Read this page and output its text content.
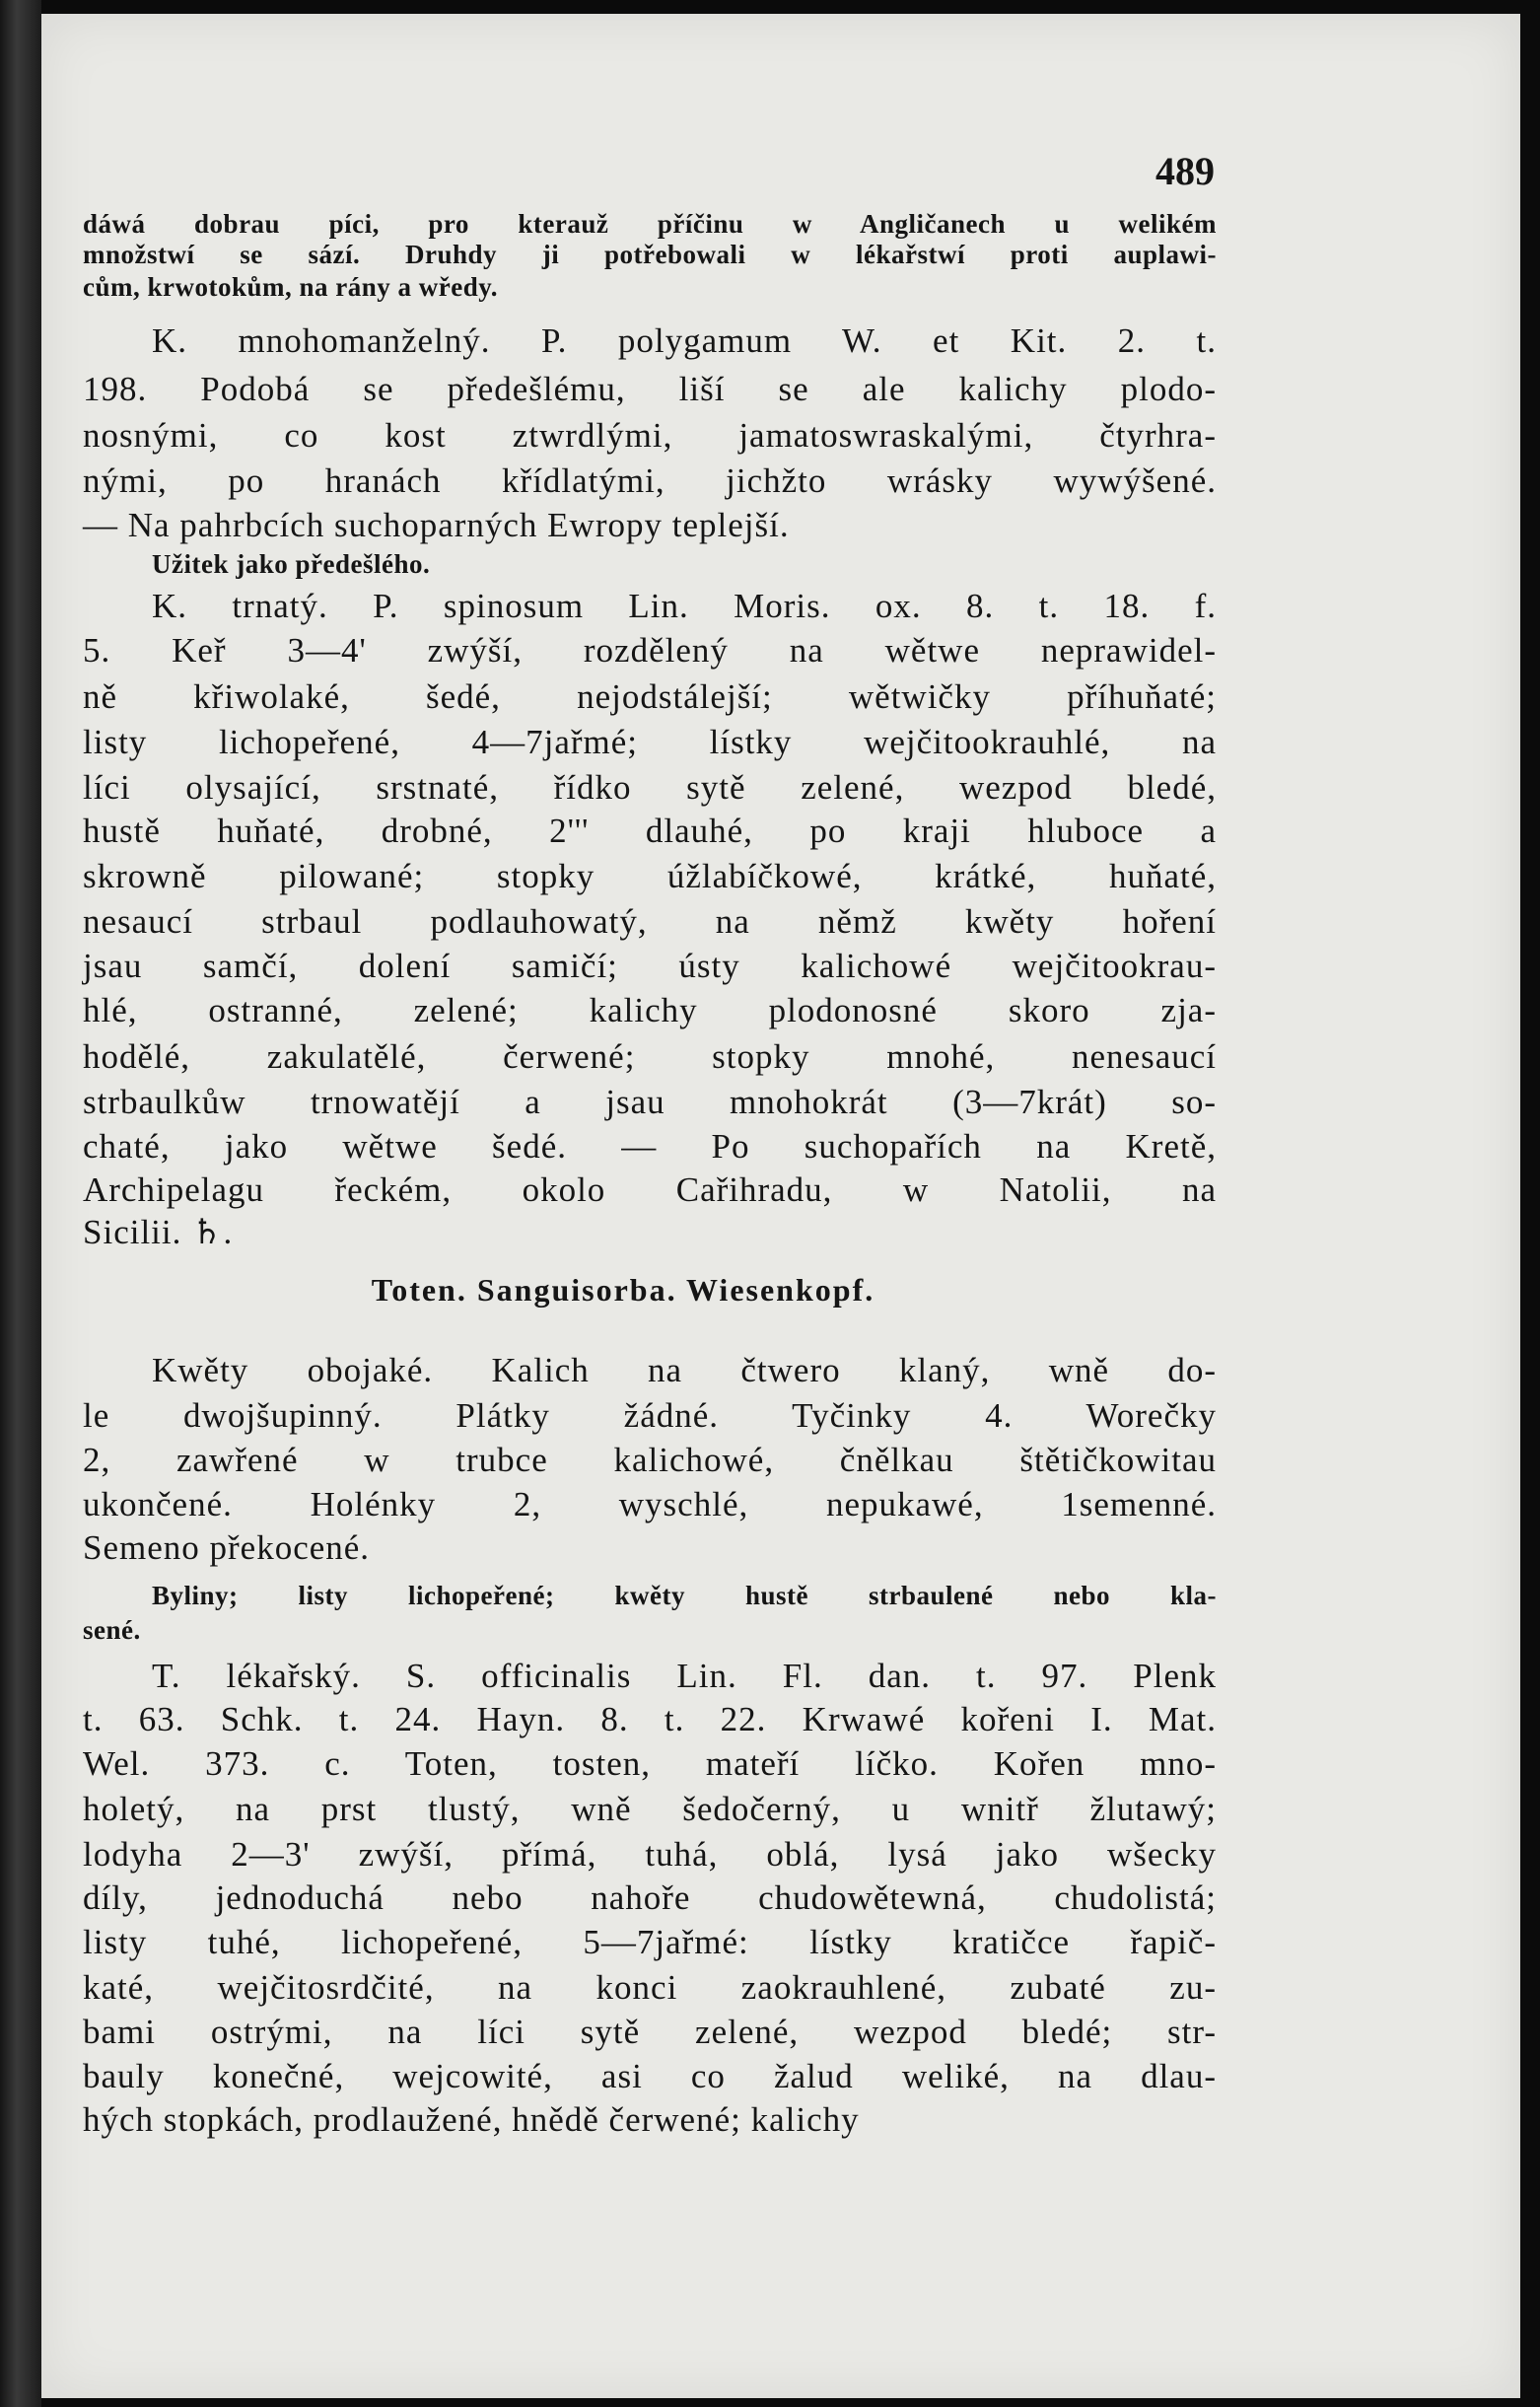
489
dáwá dobrau píci, pro kterauž příčinu w Angličanech u welikém
množstwí se sází. Druhdy ji potřebowali w lékařstwí proti auplawi-
cům, krwotokům, na rány a wředy.
K. mnohomanželný. P. polygamum W. et Kit. 2. t.
198. Podobá se předešlému, liší se ale kalichy plodo-
nosnými, co kost ztwrdlými, jamatoswraskalými, čtyrhra-
nými, po hranách křídlatými, jichžto wrásky wywýšené.
— Na pahrbcích suchoparných Ewropy teplejší.
Užitek jako předešlého.
K. trnatý. P. spinosum Lin. Moris. ox. 8. t. 18. f.
5. Keř 3—4' zwýší, rozdělený na wětwe neprawidel-
ně křiwolaké, šedé, nejodstálejší; wětwičky příhuňaté;
listy lichopeřené, 4—7jařmé; lístky wejčitookrauhlé, na
líci olysající, srstnaté, řídko sytě zelené, wezpod bledé,
hustě huňaté, drobné, 2''' dlauhé, po kraji hluboce a
skrowně pilowané; stopky úžlabíčkowé, krátké, huňaté,
nesaucí strbaul podlauhowatý, na němž kwěty hoření
jsau samčí, dolení samičí; ústy kalichowé wejčitookrau-
hlé, ostranné, zelené; kalichy plodonosné skoro zja-
hodělé, zakulatělé, čerwené; stopky mnohé, nenesaucí
strbaulkůw trnowatějí a jsau mnohokrát (3—7krát) so-
chaté, jako wětwe šedé. — Po suchopařích na Kretě,
Archipelagu řeckém, okolo Cařihradu, w Natolii, na
Sicilii. ♄.
Toten. Sanguisorba. Wiesenkopf.
Kwěty obojaké. Kalich na čtwero klaný, wně do-
le dwojšupinný. Plátky žádné. Tyčinky 4. Worečky
2, zawřené w trubce kalichowé, čnělkau štětičkowitau
ukončené. Holénky 2, wyschlé, nepukawé, 1semenné.
Semeno překocené.
Byliny; listy lichopeřené; kwěty hustě strbaulené nebo kla-
sené.
T. lékařský. S. officinalis Lin. Fl. dan. t. 97. Plenk
t. 63. Schk. t. 24. Hayn. 8. t. 22. Krwawé kořeni I. Mat.
Wel. 373. c. Toten, tosten, mateří líčko. Kořen mno-
holetý, na prst tlustý, wně šedočerný, u wnitř žlutawý;
lodyha 2—3' zwýší, přímá, tuhá, oblá, lysá jako wšecky
díly, jednoduchá nebo nahoře chudowětewná, chudolistá;
listy tuhé, lichopeřené, 5—7jařmé: lístky kratičce řapič-
katé, wejčitosrdčité, na konci zaokrauhlené, zubaté zu-
bami ostrými, na líci sytě zelené, wezpod bledé; str-
bauly konečné, wejcowité, asi co žalud weliké, na dlau-
hých stopkách, prodlaužené, hnědě čerwené; kalichy
